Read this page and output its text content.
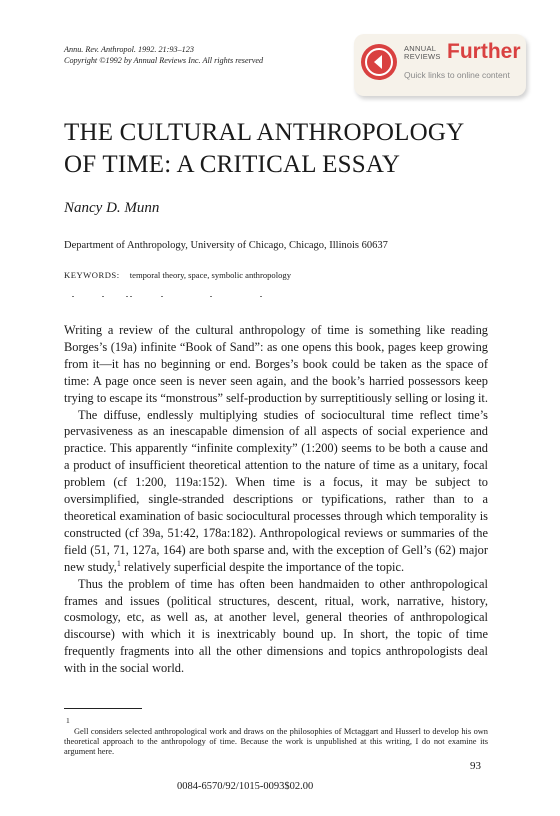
Annu. Rev. Anthropol. 1992. 21:93–123
Copyright ©1992 by Annual Reviews Inc. All rights reserved
ANNUAL
REVIEWS Further
Quick links to online content
THE CULTURAL ANTHROPOLOGY
OF TIME: A CRITICAL ESSAY

Nancy D. Munn

Department of Anthropology, University of Chicago, Chicago, Illinois 60637

KEYWORDS: temporal theory, space, symbolic anthropology

Writing a review of the cultural anthropology of time is something like reading Borges’s (19a) infinite “Book of Sand”: as one opens this book, pages keep growing from it—it has no beginning or end. Borges’s book could be taken as the space of time: A page once seen is never seen again, and the book’s harried possessors keep trying to escape its “monstrous” self-production by surreptitiously selling or losing it.

The diffuse, endlessly multiplying studies of sociocultural time reflect time’s pervasiveness as an inescapable dimension of all aspects of social experience and practice. This apparently “infinite complexity” (1:200) seems to be both a cause and a product of insufficient theoretical attention to the nature of time as a unitary, focal problem (cf 1:200, 119a:152). When time is a focus, it may be subject to oversimplified, single-stranded descriptions or typifications, rather than to a theoretical examination of basic sociocultural processes through which temporality is constructed (cf 39a, 51:42, 178a:182). Anthropological reviews or summaries of the field (51, 71, 127a, 164) are both sparse and, with the exception of Gell’s (62) major new study,$^1$ relatively superficial despite the importance of the topic.

Thus the problem of time has often been handmaiden to other anthropological frames and issues (political structures, descent, ritual, work, narrative, history, cosmology, etc, as well as, at another level, general theories of anthropological discourse) with which it is inextricably bound up. In short, the topic of time frequently fragments into all the other dimensions and topics anthropologists deal with in the social world.

1

Gell considers selected anthropological work and draws on the philosophies of Mctaggart and Husserl to develop his own theoretical approach to the anthropology of time. Because the work is unpublished at this writing, I do not examine its argument here.

93
0084-6570/92/1015-0093$02.00
